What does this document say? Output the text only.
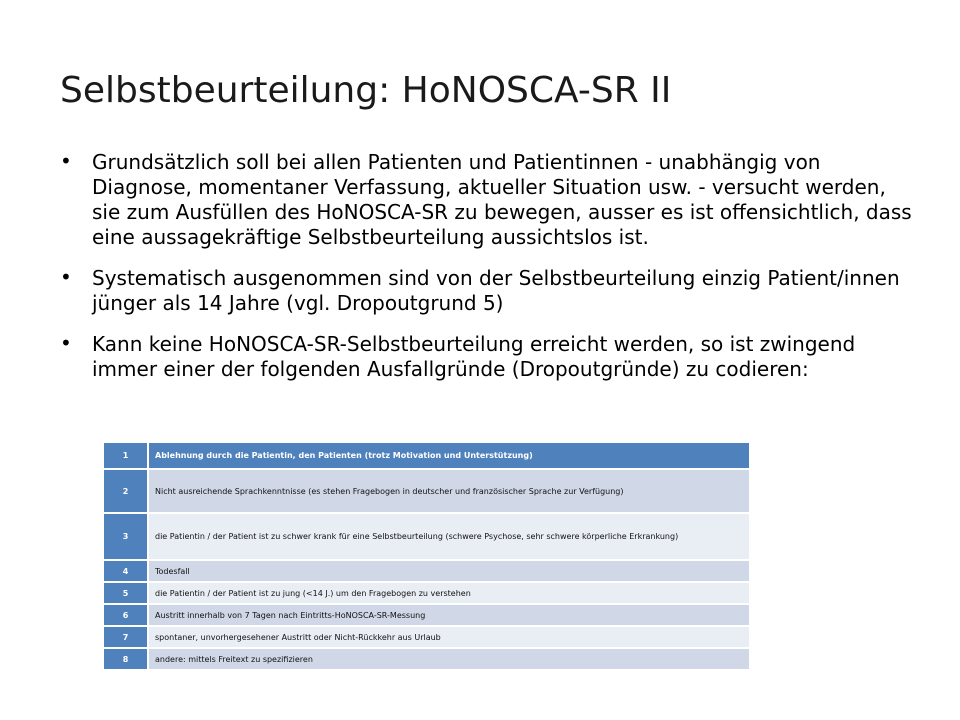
Selbstbeurteilung: HoNOSCA-SR II
• Grundsätzlich soll bei allen Patienten und Patientinnen - unabhängig von Diagnose, momentaner Verfassung, aktueller Situation usw. - versucht werden, sie zum Ausfüllen des HoNOSCA-SR zu bewegen, ausser es ist offensichtlich, dass eine aussagekräftige Selbstbeurteilung aussichtslos ist.
• Systematisch ausgenommen sind von der Selbstbeurteilung einzig Patient/innen jünger als 14 Jahre (vgl. Dropoutgrund 5)
• Kann keine HoNOSCA-SR-Selbstbeurteilung erreicht werden, so ist zwingend immer einer der folgenden Ausfallgründe (Dropoutgründe) zu codieren:
1	Ablehnung durch die Patientin, den Patienten (trotz Motivation und Unterstützung)
2	Nicht ausreichende Sprachkenntnisse (es stehen Fragebogen in deutscher und französischer Sprache zur Verfügung)
3	die Patientin / der Patient ist zu schwer krank für eine Selbstbeurteilung (schwere Psychose, sehr schwere körperliche Erkrankung)
4	Todesfall
5	die Patientin / der Patient ist zu jung (<14 J.) um den Fragebogen zu verstehen
6	Austritt innerhalb von 7 Tagen nach Eintritts-HoNOSCA-SR-Messung
7	spontaner, unvorhergesehener Austritt oder Nicht-Rückkehr aus Urlaub
8	andere: mittels Freitext zu spezifizieren
